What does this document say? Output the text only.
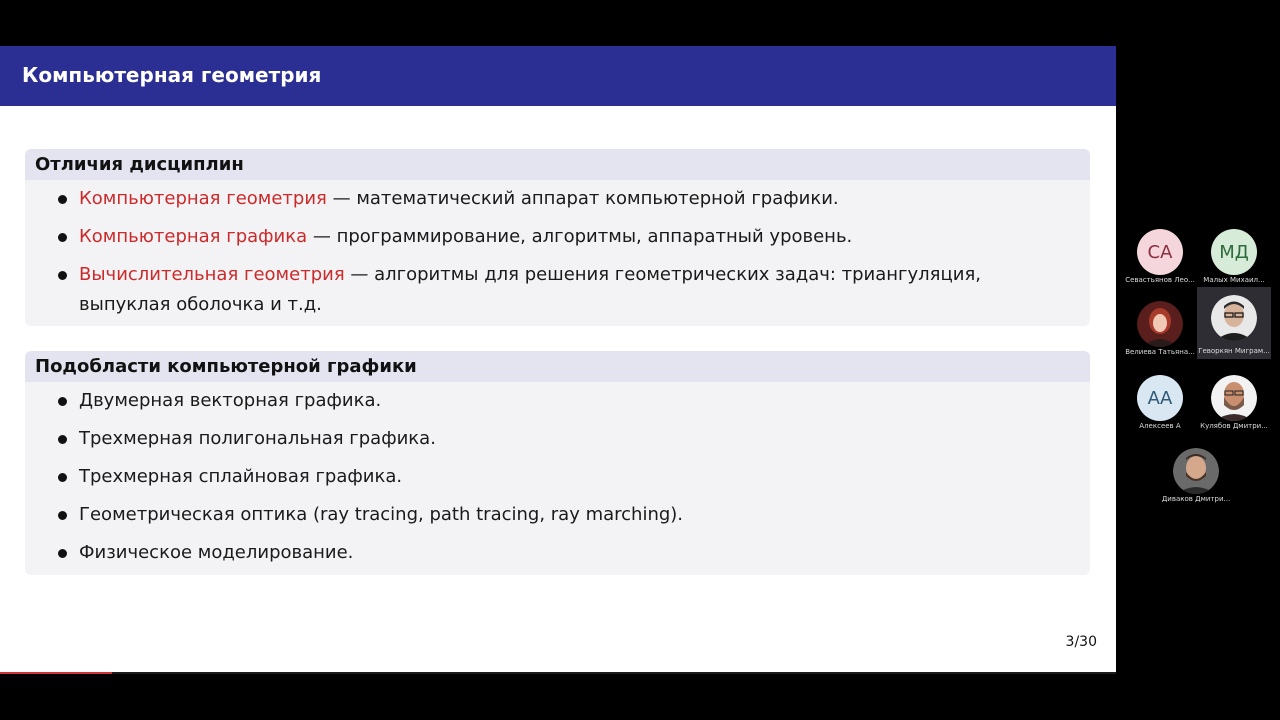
Компьютерная геометрия
Отличия дисциплин
Компьютерная геометрия — математический аппарат компьютерной графики.
Компьютерная графика — программирование, алгоритмы, аппаратный уровень.
Вычислительная геометрия — алгоритмы для решения геометрических задач: триангуляция, выпуклая оболочка и т.д.
Подобласти компьютерной графики
Двумерная векторная графика.
Трехмерная полигональная графика.
Трехмерная сплайновая графика.
Геометрическая оптика (ray tracing, path tracing, ray marching).
Физическое моделирование.
3/30
СА
Севастьянов Лео...
МД
Малых Михаил...
Велиева Татьяна... Геворкян Миграм...
АА
Алексеев А	Кулябов Дмитри...
Диваков Дмитри...
